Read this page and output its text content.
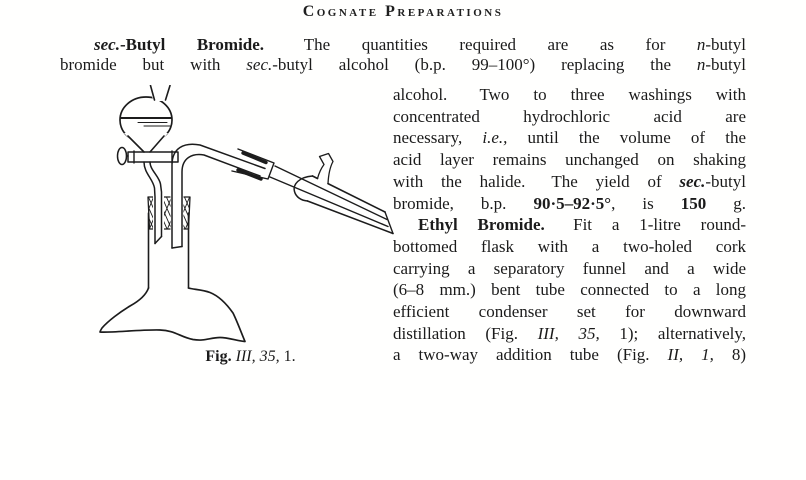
Cognate Preparations
sec.-Butyl Bromide.  The quantities required are as for n-butyl
bromide but with sec.-butyl alcohol (b.p. 99–100°) replacing the n-butyl
alcohol.  Two to three washings with
concentrated hydrochloric acid are
necessary, i.e., until the volume of the
acid layer remains unchanged on shaking
with the halide.  The yield of sec.-butyl
bromide, b.p. 90·5–92·5°, is 150 g.
Ethyl Bromide.  Fit a 1-litre round-
bottomed flask with a two-holed cork
carrying a separatory funnel and a wide
(6–8 mm.) bent tube connected to a long
efficient condenser set for downward
distillation (Fig. III, 35, 1); alternatively,
a two-way addition tube (Fig. II, 1, 8)
Fig. III, 35, 1.
